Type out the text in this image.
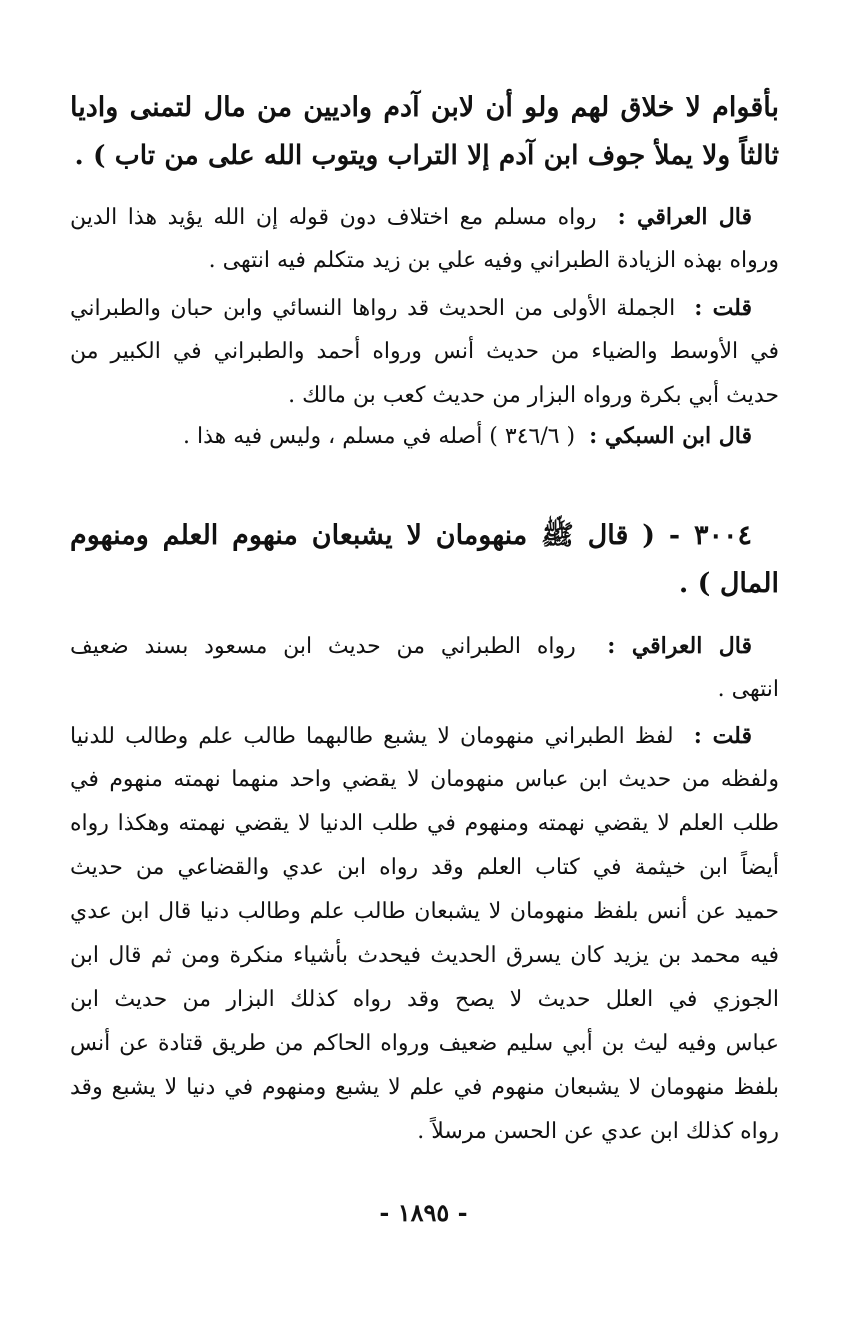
بأقوام لا خلاق لهم ولو أن لابن آدم واديين من مال لتمنى واديا
ثالثاً ولا يملأ جوف ابن آدم إلا التراب ويتوب الله على من تاب ) .
قال العراقي :  رواه مسلم مع اختلاف دون قوله إن الله يؤيد هذا الدين
ورواه بهذه الزيادة الطبراني وفيه علي بن زيد متكلم فيه انتهى .
قلت :  الجملة الأولى من الحديث قد رواها النسائي وابن حبان والطبراني
في الأوسط والضياء من حديث أنس ورواه أحمد والطبراني في الكبير من
حديث أبي بكرة ورواه البزار من حديث كعب بن مالك .
قال ابن السبكي :  ( ٣٤٦/٦ ) أصله في مسلم ، وليس فيه هذا .
٣٠٠٤ - ( قال ﷺ منهومان لا يشبعان منهوم العلم ومنهوم
المال ) .
قال العراقي :  رواه الطبراني من حديث ابن مسعود بسند ضعيف
انتهى .
قلت :  لفظ الطبراني منهومان لا يشبع طالبهما طالب علم وطالب للدنيا
ولفظه من حديث ابن عباس منهومان لا يقضي واحد منهما نهمته منهوم في
طلب العلم لا يقضي نهمته ومنهوم في طلب الدنيا لا يقضي نهمته وهكذا رواه
أيضاً ابن خيثمة في كتاب العلم وقد رواه ابن عدي والقضاعي من حديث
حميد عن أنس بلفظ منهومان لا يشبعان طالب علم وطالب دنيا قال ابن عدي
فيه محمد بن يزيد كان يسرق الحديث فيحدث بأشياء منكرة ومن ثم قال ابن
الجوزي في العلل حديث لا يصح وقد رواه كذلك البزار من حديث ابن
عباس وفيه ليث بن أبي سليم ضعيف ورواه الحاكم من طريق قتادة عن أنس
بلفظ منهومان لا يشبعان منهوم في علم لا يشبع ومنهوم في دنيا لا يشبع وقد
رواه كذلك ابن عدي عن الحسن مرسلاً .
- ١٨٩٥ -
